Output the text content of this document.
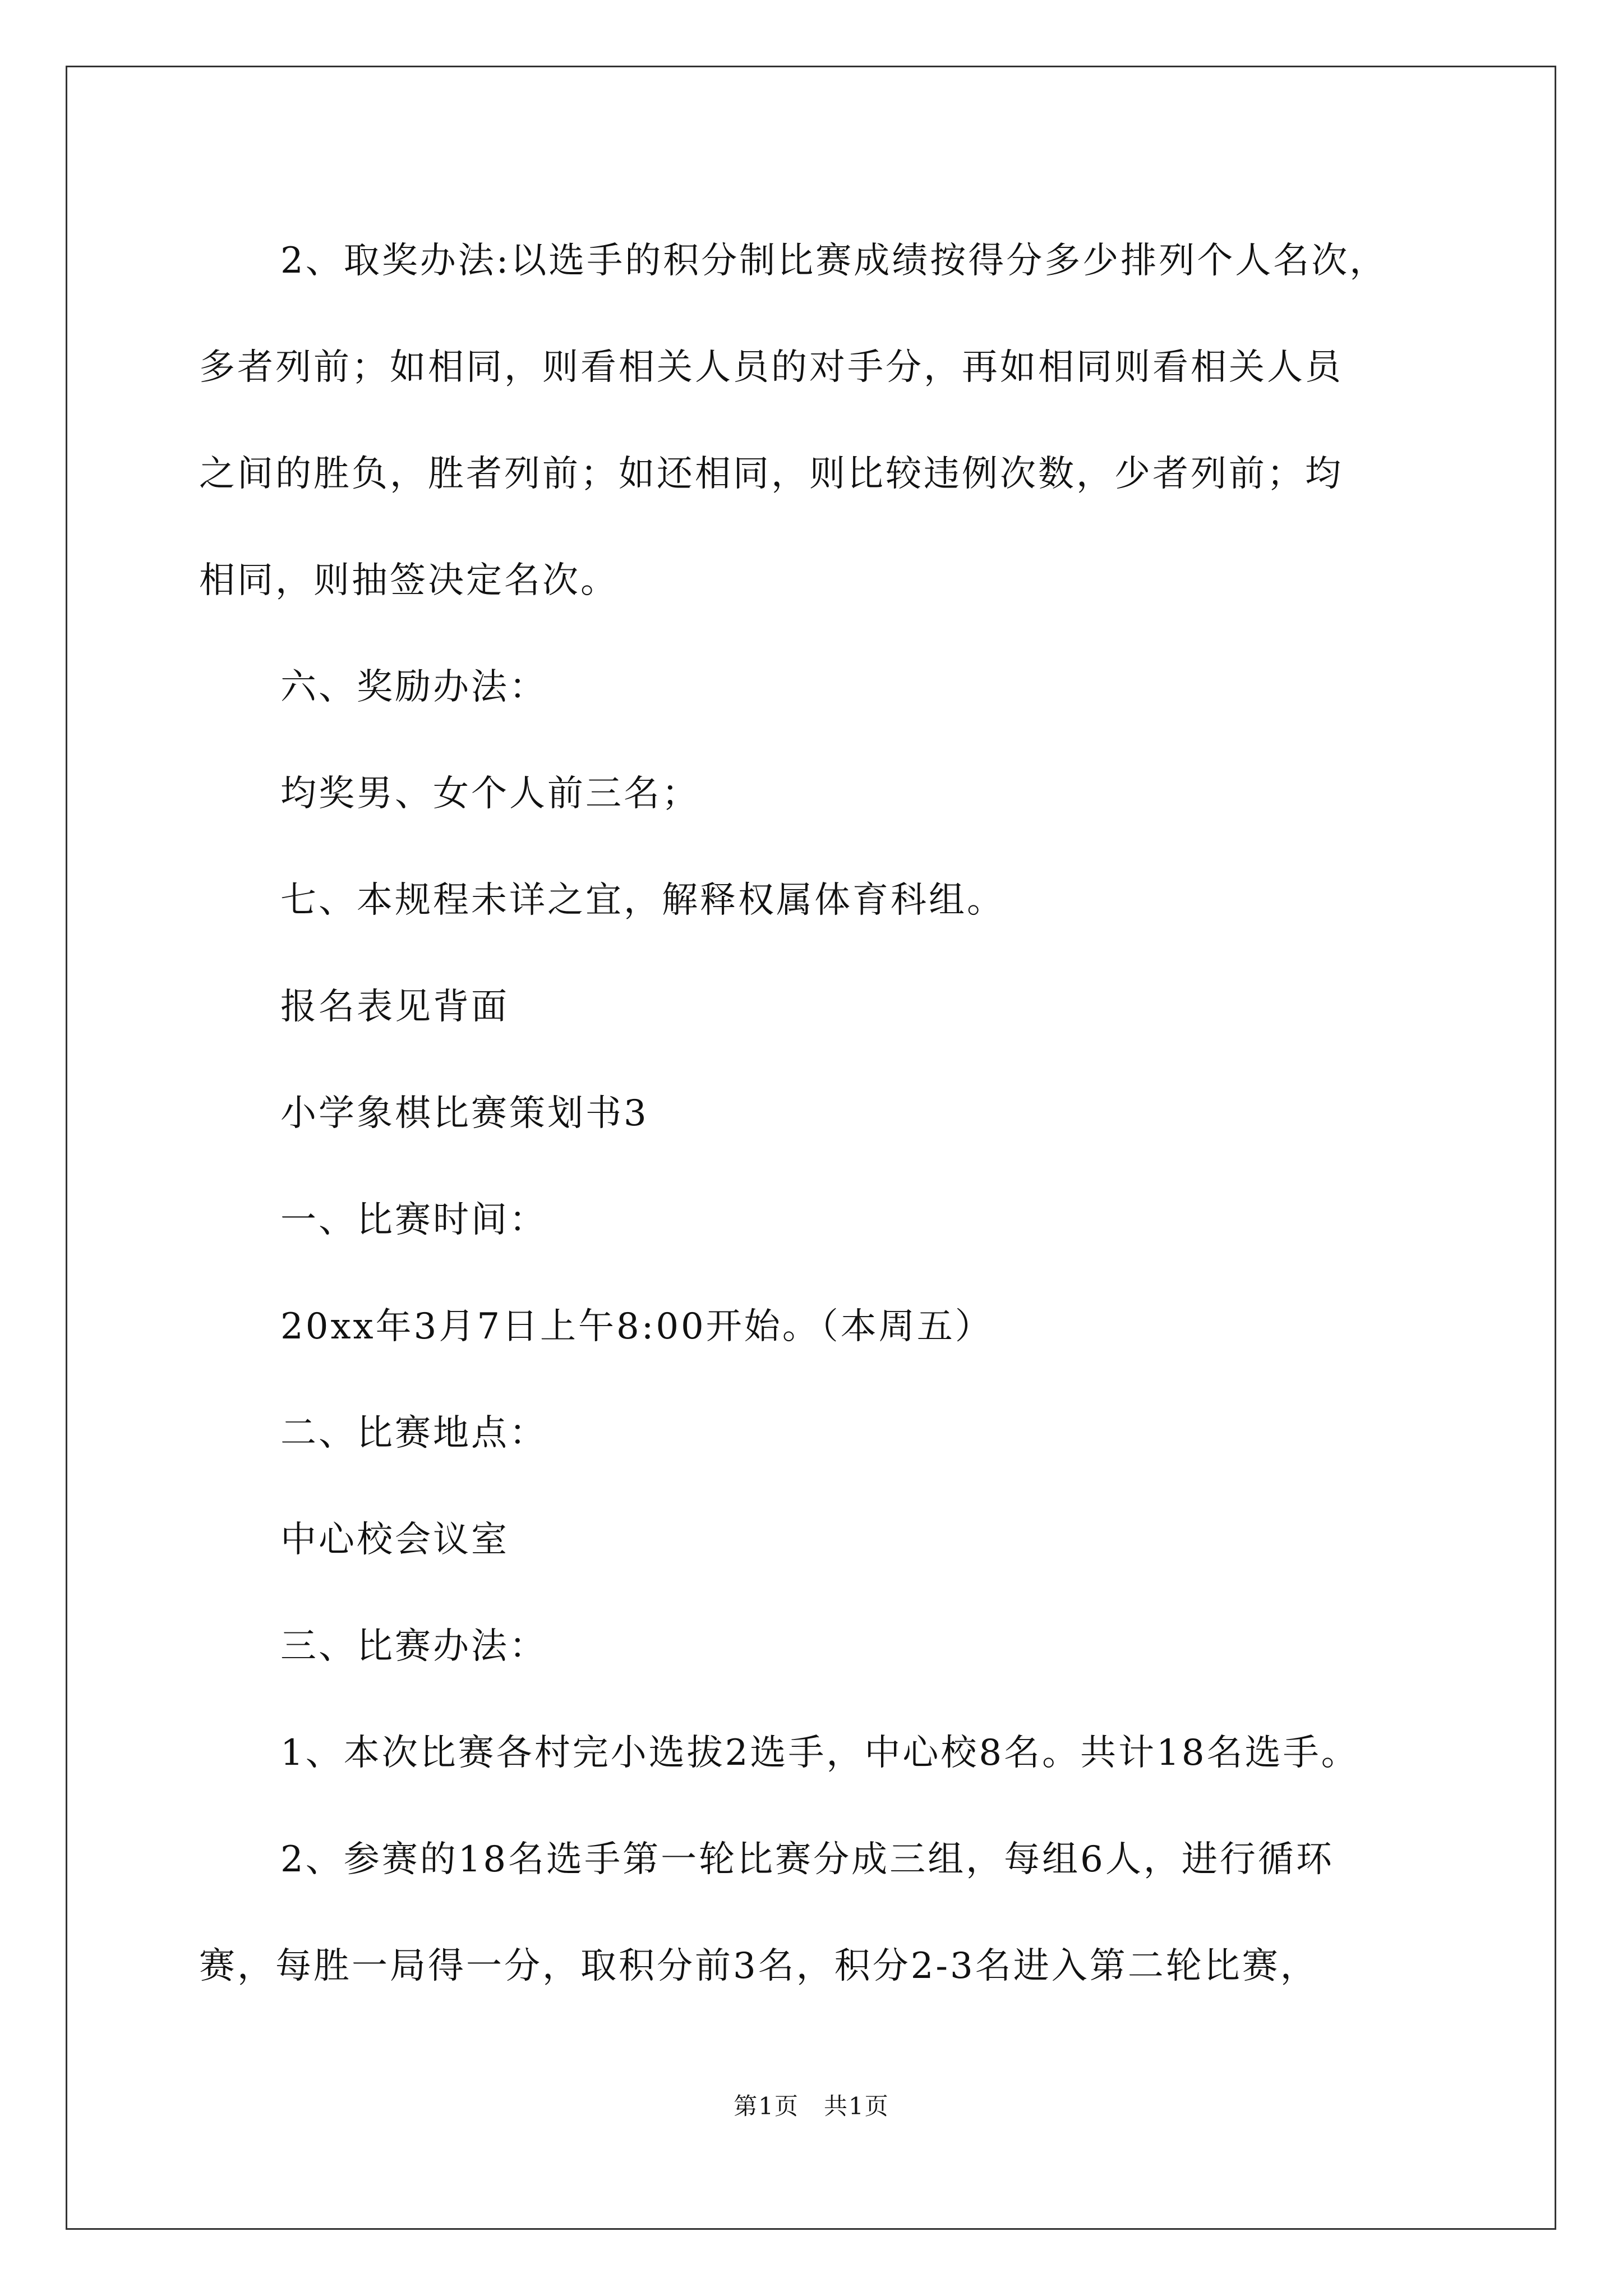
2、取奖办法:以选手的积分制比赛成绩按得分多少排列个人名次，

多者列前；如相同，则看相关人员的对手分，再如相同则看相关人员

之间的胜负，胜者列前；如还相同，则比较违例次数，少者列前；均

相同，则抽签决定名次。

六、奖励办法：

均奖男、女个人前三名；

七、本规程未详之宜，解释权属体育科组。

报名表见背面

小学象棋比赛策划书3

一、比赛时间：

20xx年3月7日上午8:00开始。（本周五）

二、比赛地点：

中心校会议室

三、比赛办法：

1、本次比赛各村完小选拔2选手，中心校8名。共计18名选手。

2、参赛的18名选手第一轮比赛分成三组，每组6人，进行循环

赛，每胜一局得一分，取积分前3名，积分2-3名进入第二轮比赛，

第1页　共1页
